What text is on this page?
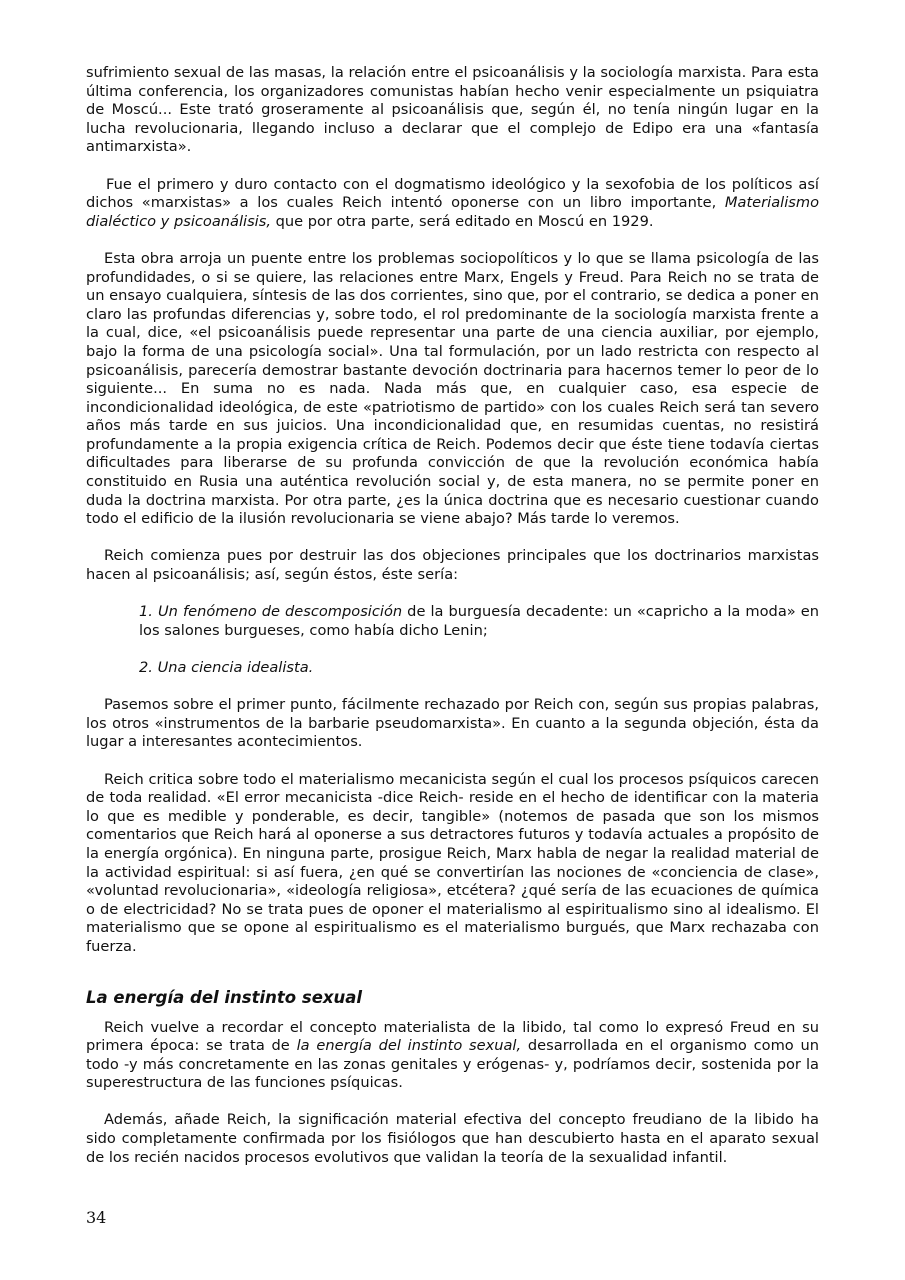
sufrimiento sexual de las masas, la relación entre el psicoanálisis y la sociología marxista. Para esta última conferencia, los organizadores comunistas habían hecho venir especialmente un psiquiatra de Moscú... Este trató groseramente al psicoanálisis que, según él, no tenía ningún lugar en la lucha revolucionaria, llegando incluso a declarar que el complejo de Edipo era una «fantasía antimarxista».

Fue el primero y duro contacto con el dogmatismo ideológico y la sexofobia de los políticos así dichos «marxistas» a los cuales Reich intentó oponerse con un libro importante, Materialismo dialéctico y psicoanálisis, que por otra parte, será editado en Moscú en 1929.

Esta obra arroja un puente entre los problemas sociopolíticos y lo que se llama psicología de las profundidades, o si se quiere, las relaciones entre Marx, Engels y Freud. Para Reich no se trata de un ensayo cualquiera, síntesis de las dos corrientes, sino que, por el contrario, se dedica a poner en claro las profundas diferencias y, sobre todo, el rol predominante de la sociología marxista frente a la cual, dice, «el psicoanálisis puede representar una parte de una ciencia auxiliar, por ejemplo, bajo la forma de una psicología social». Una tal formulación, por un lado restricta con respecto al psicoanálisis, parecería demostrar bastante devoción doctrinaria para hacernos temer lo peor de lo siguiente... En suma no es nada. Nada más que, en cualquier caso, esa especie de incondicionalidad ideológica, de este «patriotismo de partido» con los cuales Reich será tan severo años más tarde en sus juicios. Una incondicionalidad que, en resumidas cuentas, no resistirá profundamente a la propia exigencia crítica de Reich. Podemos decir que éste tiene todavía ciertas dificultades para liberarse de su profunda convicción de que la revolución económica había constituido en Rusia una auténtica revolución social y, de esta manera, no se permite poner en duda la doctrina marxista. Por otra parte, ¿es la única doctrina que es necesario cuestionar cuando todo el edificio de la ilusión revolucionaria se viene abajo? Más tarde lo veremos.

Reich comienza pues por destruir las dos objeciones principales que los doctrinarios marxistas hacen al psicoanálisis; así, según éstos, éste sería:

1. Un fenómeno de descomposición de la burguesía decadente: un «capricho a la moda» en los salones burgueses, como había dicho Lenin;

2. Una ciencia idealista.

Pasemos sobre el primer punto, fácilmente rechazado por Reich con, según sus propias palabras, los otros «instrumentos de la barbarie pseudomarxista». En cuanto a la segunda objeción, ésta da lugar a interesantes acontecimientos.

Reich critica sobre todo el materialismo mecanicista según el cual los procesos psíquicos carecen de toda realidad. «El error mecanicista -dice Reich- reside en el hecho de identificar con la materia lo que es medible y ponderable, es decir, tangible» (notemos de pasada que son los mismos comentarios que Reich hará al oponerse a sus detractores futuros y todavía actuales a propósito de la energía orgónica). En ninguna parte, prosigue Reich, Marx habla de negar la realidad material de la actividad espiritual: si así fuera, ¿en qué se convertirían las nociones de «conciencia de clase», «voluntad revolucionaria», «ideología religiosa», etcétera? ¿qué sería de las ecuaciones de química o de electricidad? No se trata pues de oponer el materialismo al espiritualismo sino al idealismo. El materialismo que se opone al espiritualismo es el materialismo burgués, que Marx rechazaba con fuerza.

La energía del instinto sexual

Reich vuelve a recordar el concepto materialista de la libido, tal como lo expresó Freud en su primera época: se trata de la energía del instinto sexual, desarrollada en el organismo como un todo -y más concretamente en las zonas genitales y erógenas- y, podríamos decir, sostenida por la superestructura de las funciones psíquicas.

Además, añade Reich, la significación material efectiva del concepto freudiano de la libido ha sido completamente confirmada por los fisiólogos que han descubierto hasta en el aparato sexual de los recién nacidos procesos evolutivos que validan la teoría de la sexualidad infantil.

34
